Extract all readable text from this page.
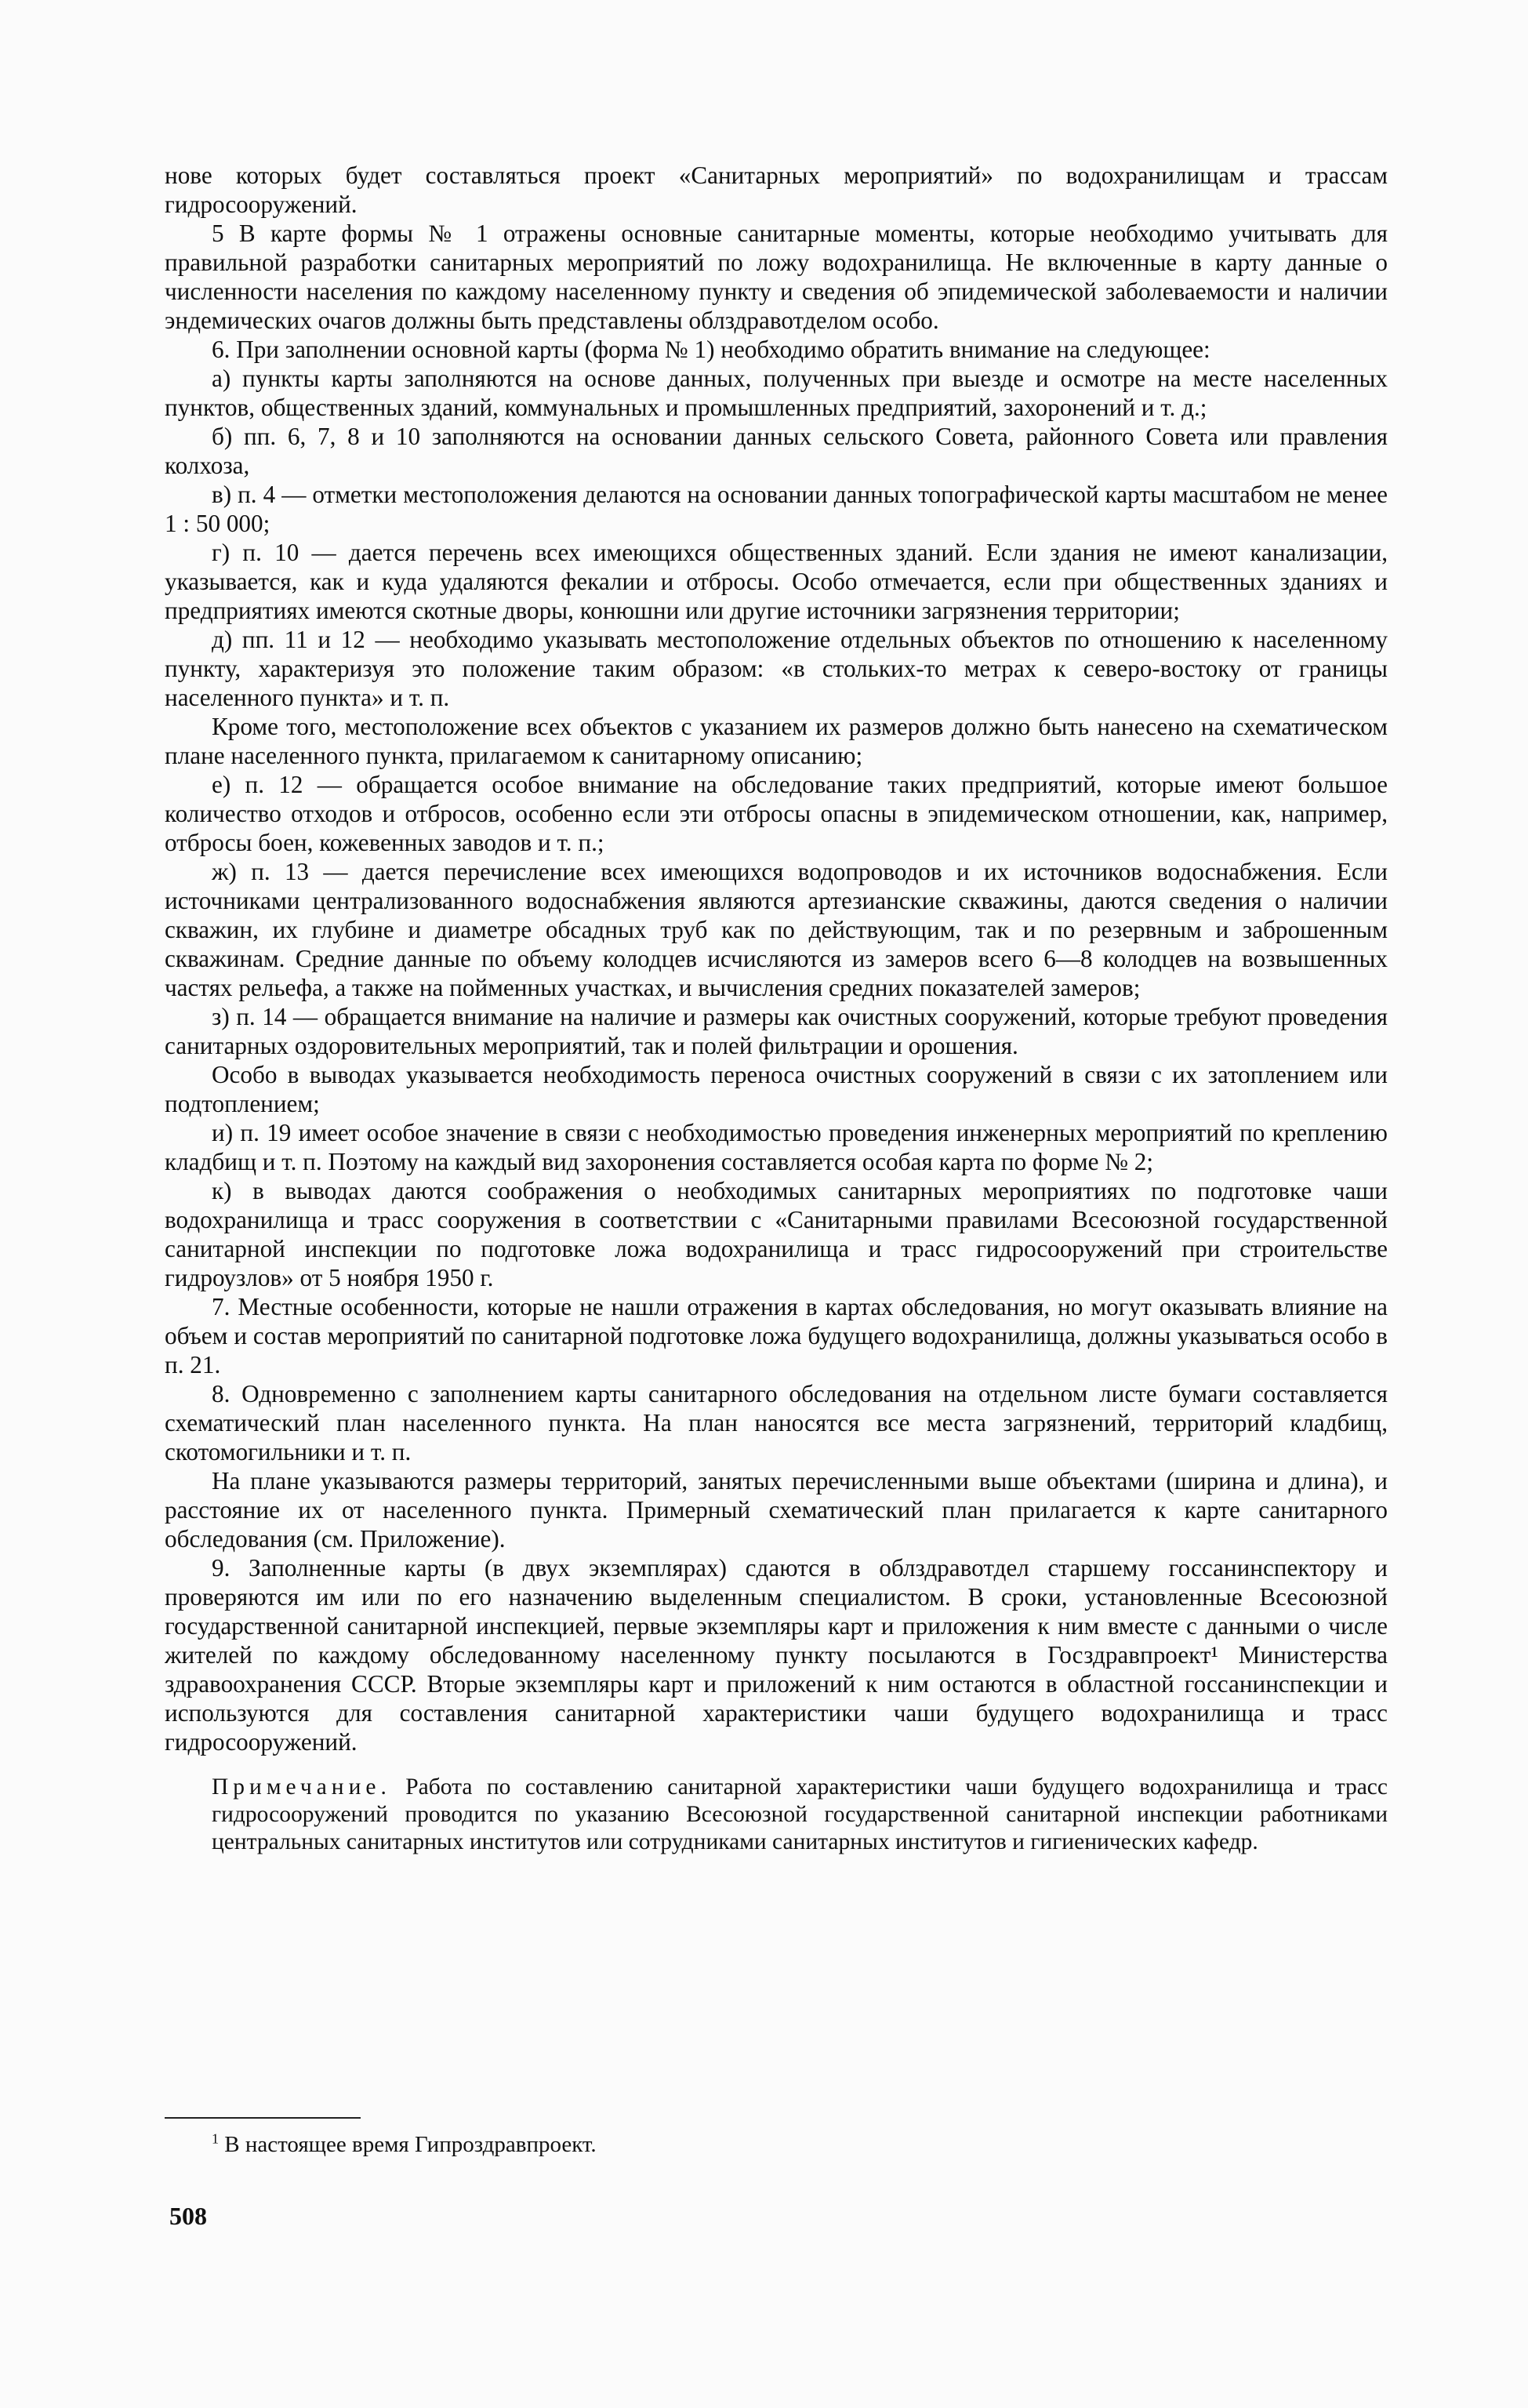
нове которых будет составляться проект «Санитарных мероприятий» по водохранилищам и трассам гидросооружений.

5 В карте формы № 1 отражены основные санитарные моменты, которые необходимо учитывать для правильной разработки санитарных мероприятий по ложу водохранилища. Не включенные в карту данные о численности населения по каждому населенному пункту и сведения об эпидемической заболеваемости и наличии эндемических очагов должны быть представлены облздравотделом особо.

6. При заполнении основной карты (форма № 1) необходимо обратить внимание на следующее:

а) пункты карты заполняются на основе данных, полученных при выезде и осмотре на месте населенных пунктов, общественных зданий, коммунальных и промышленных предприятий, захоронений и т. д.;

б) пп. 6, 7, 8 и 10 заполняются на основании данных сельского Совета, районного Совета или правления колхоза,

в) п. 4 — отметки местоположения делаются на основании данных топографической карты масштабом не менее 1 : 50 000;

г) п. 10 — дается перечень всех имеющихся общественных зданий. Если здания не имеют канализации, указывается, как и куда удаляются фекалии и отбросы. Особо отмечается, если при общественных зданиях и предприятиях имеются скотные дворы, конюшни или другие источники загрязнения территории;

д) пп. 11 и 12 — необходимо указывать местоположение отдельных объектов по отношению к населенному пункту, характеризуя это положение таким образом: «в стольких-то метрах к северо-востоку от границы населенного пункта» и т. п.

Кроме того, местоположение всех объектов с указанием их размеров должно быть нанесено на схематическом плане населенного пункта, прилагаемом к санитарному описанию;

е) п. 12 — обращается особое внимание на обследование таких предприятий, которые имеют большое количество отходов и отбросов, особенно если эти отбросы опасны в эпидемическом отношении, как, например, отбросы боен, кожевенных заводов и т. п.;

ж) п. 13 — дается перечисление всех имеющихся водопроводов и их источников водоснабжения. Если источниками централизованного водоснабжения являются артезианские скважины, даются сведения о наличии скважин, их глубине и диаметре обсадных труб как по действующим, так и по резервным и заброшенным скважинам. Средние данные по объему колодцев исчисляются из замеров всего 6—8 колодцев на возвышенных частях рельефа, а также на пойменных участках, и вычисления средних показателей замеров;

з) п. 14 — обращается внимание на наличие и размеры как очистных сооружений, которые требуют проведения санитарных оздоровительных мероприятий, так и полей фильтрации и орошения.

Особо в выводах указывается необходимость переноса очистных сооружений в связи с их затоплением или подтоплением;

и) п. 19 имеет особое значение в связи с необходимостью проведения инженерных мероприятий по креплению кладбищ и т. п. Поэтому на каждый вид захоронения составляется особая карта по форме № 2;

к) в выводах даются соображения о необходимых санитарных мероприятиях по подготовке чаши водохранилища и трасс сооружения в соответствии с «Санитарными правилами Всесоюзной государственной санитарной инспекции по подготовке ложа водохранилища и трасс гидросооружений при строительстве гидроузлов» от 5 ноября 1950 г.

7. Местные особенности, которые не нашли отражения в картах обследования, но могут оказывать влияние на объем и состав мероприятий по санитарной подготовке ложа будущего водохранилища, должны указываться особо в п. 21.

8. Одновременно с заполнением карты санитарного обследования на отдельном листе бумаги составляется схематический план населенного пункта. На план наносятся все места загрязнений, территорий кладбищ, скотомогильники и т. п.

На плане указываются размеры территорий, занятых перечисленными выше объектами (ширина и длина), и расстояние их от населенного пункта. Примерный схематический план прилагается к карте санитарного обследования (см. Приложение).

9. Заполненные карты (в двух экземплярах) сдаются в облздравотдел старшему госсанинспектору и проверяются им или по его назначению выделенным специалистом. В сроки, установленные Всесоюзной государственной санитарной инспекцией, первые экземпляры карт и приложения к ним вместе с данными о числе жителей по каждому обследованному населенному пункту посылаются в Госздравпроект¹ Министерства здравоохранения СССР. Вторые экземпляры карт и приложений к ним остаются в областной госсанинспекции и используются для составления санитарной характеристики чаши будущего водохранилища и трасс гидросооружений.

Примечание. Работа по составлению санитарной характеристики чаши будущего водохранилища и трасс гидросооружений проводится по указанию Всесоюзной государственной санитарной инспекции работниками центральных санитарных институтов или сотрудниками санитарных институтов и гигиенических кафедр.

$^1$ В настоящее время Гипроздравпроект.
508
